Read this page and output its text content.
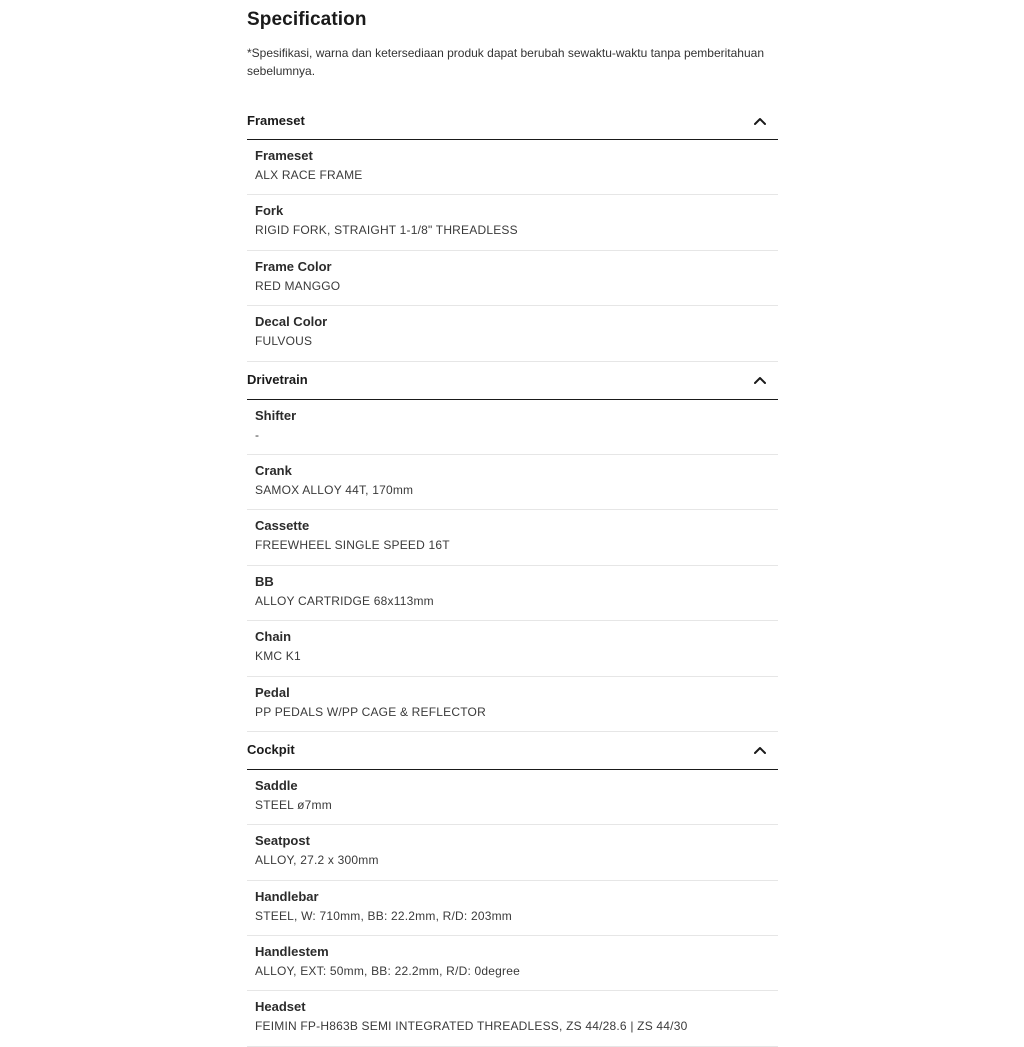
Specification

*Spesifikasi, warna dan ketersediaan produk dapat berubah sewaktu-waktu tanpa pemberitahuan sebelumnya.

Frameset
Frameset
ALX RACE FRAME
Fork
RIGID FORK, STRAIGHT 1-1/8" THREADLESS
Frame Color
RED MANGGO
Decal Color
FULVOUS
Drivetrain
Shifter
-
Crank
SAMOX ALLOY 44T, 170mm
Cassette
FREEWHEEL SINGLE SPEED 16T
BB
ALLOY CARTRIDGE 68x113mm
Chain
KMC K1
Pedal
PP PEDALS W/PP CAGE & REFLECTOR
Cockpit
Saddle
STEEL ø7mm
Seatpost
ALLOY, 27.2 x 300mm
Handlebar
STEEL, W: 710mm, BB: 22.2mm, R/D: 203mm
Handlestem
ALLOY, EXT: 50mm, BB: 22.2mm, R/D: 0degree
Headset
FEIMIN FP-H863B SEMI INTEGRATED THREADLESS, ZS 44/28.6 | ZS 44/30
